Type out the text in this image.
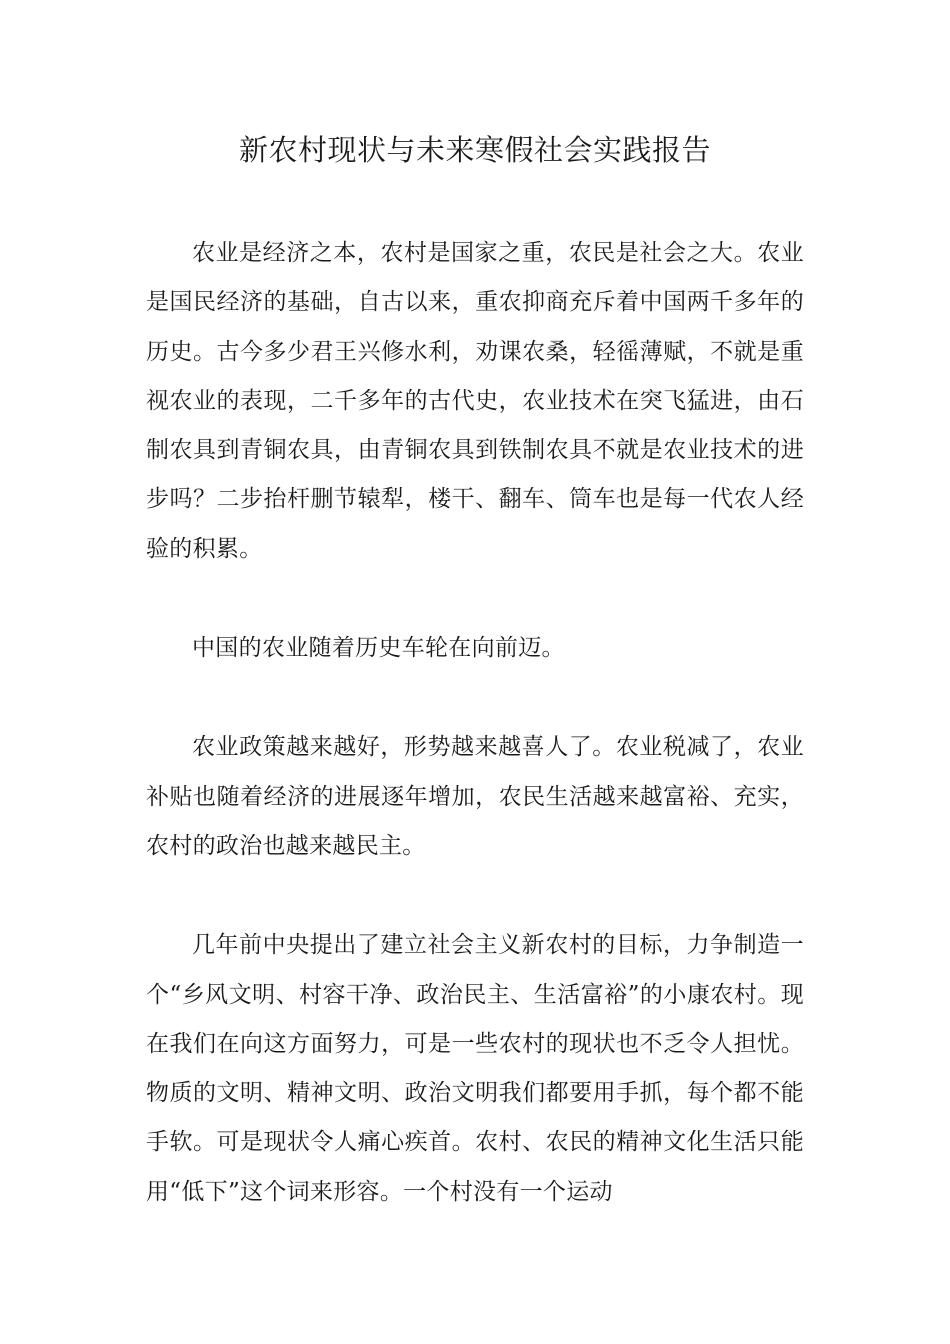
新农村现状与未来寒假社会实践报告

农业是经济之本，农村是国家之重，农民是社会之大。农业是国民经济的基础，自古以来，重农抑商充斥着中国两千多年的历史。古今多少君王兴修水利，劝课农桑，轻徭薄赋，不就是重视农业的表现，二千多年的古代史，农业技术在突飞猛进，由石制农具到青铜农具，由青铜农具到铁制农具不就是农业技术的进步吗？二步抬杆删节辕犁，楼干、翻车、筒车也是每一代农人经验的积累。

中国的农业随着历史车轮在向前迈。

农业政策越来越好，形势越来越喜人了。农业税减了，农业补贴也随着经济的进展逐年增加，农民生活越来越富裕、充实，农村的政治也越来越民主。

几年前中央提出了建立社会主义新农村的目标，力争制造一个“乡风文明、村容干净、政治民主、生活富裕”的小康农村。现在我们在向这方面努力，可是一些农村的现状也不乏令人担忧。物质的文明、精神文明、政治文明我们都要用手抓，每个都不能手软。可是现状令人痛心疾首。农村、农民的精神文化生活只能用“低下”这个词来形容。一个村没有一个运动
